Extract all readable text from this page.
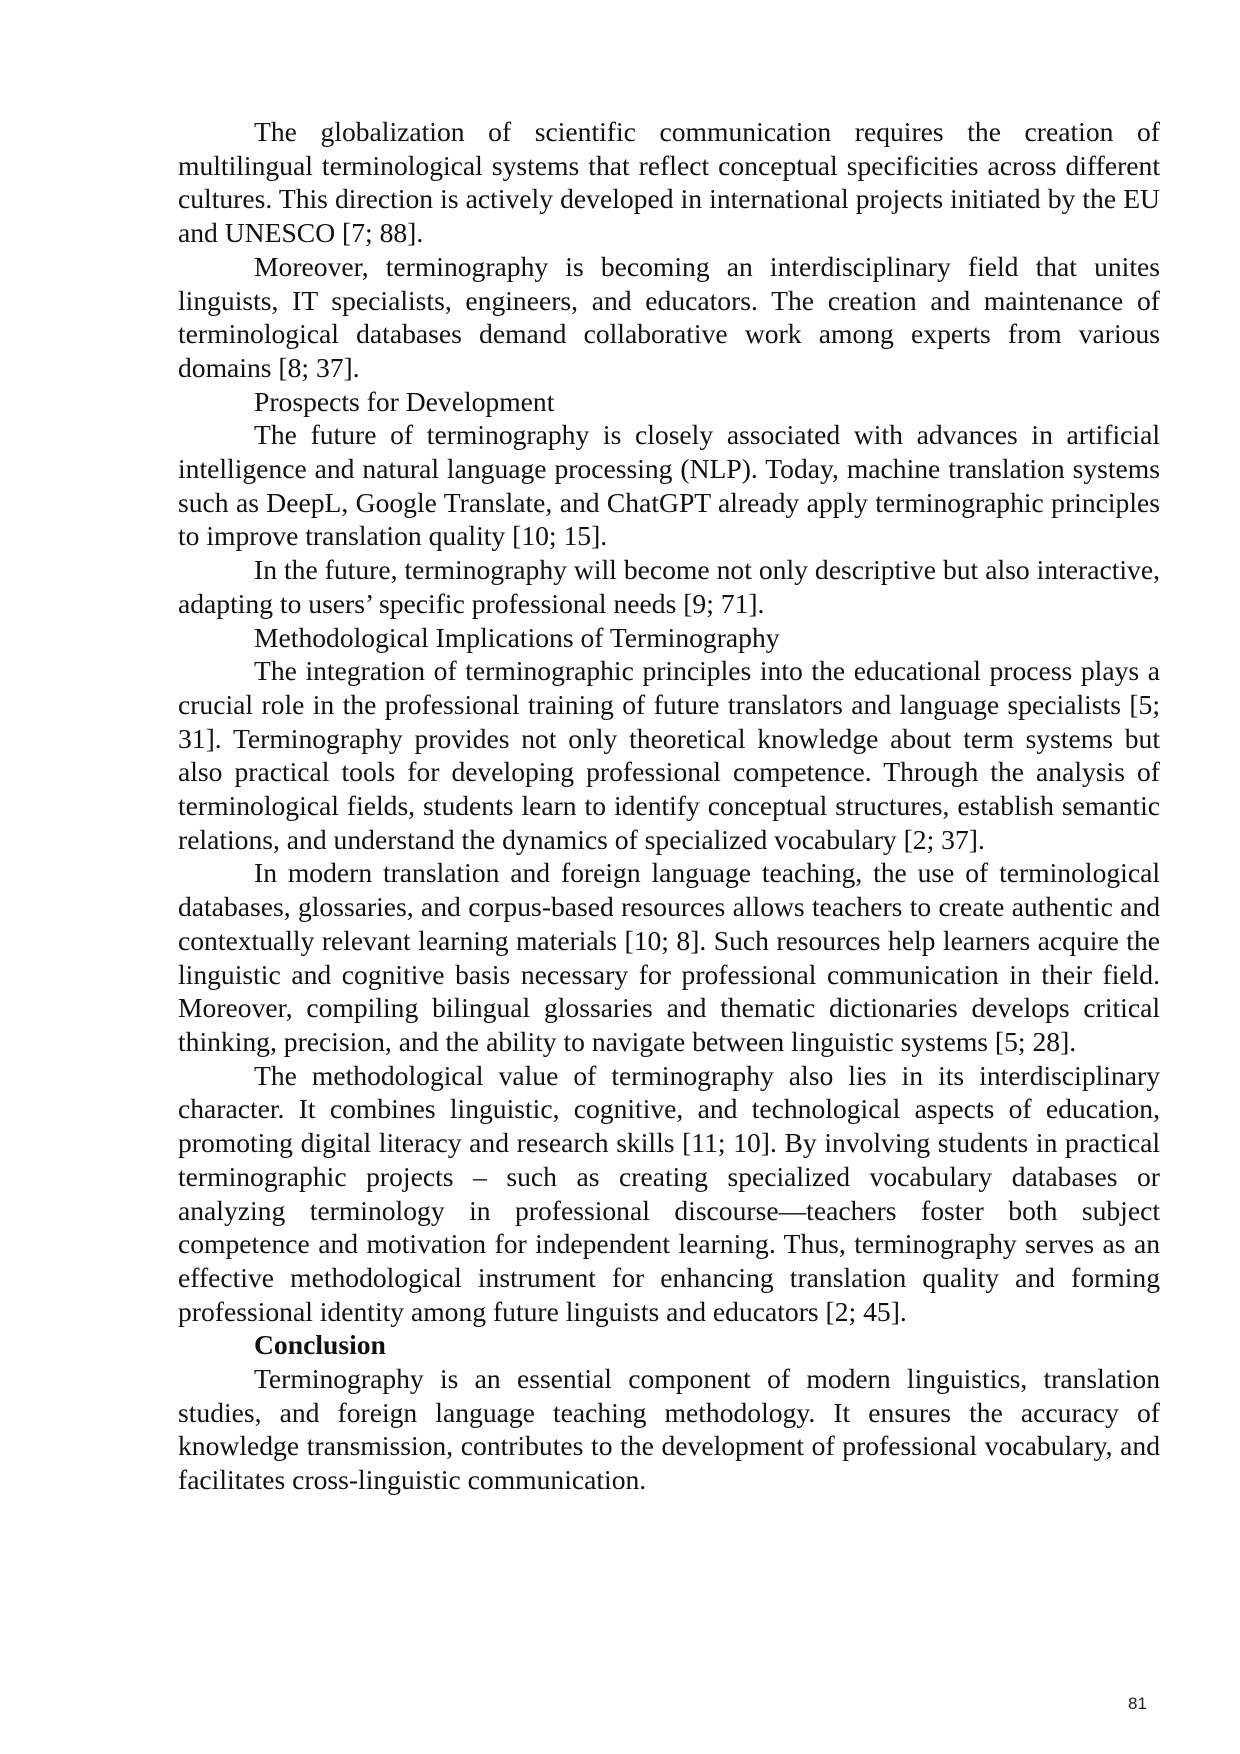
The globalization of scientific communication requires the creation of multilingual terminological systems that reflect conceptual specificities across different cultures. This direction is actively developed in international projects initiated by the EU and UNESCO [7; 88].

Moreover, terminography is becoming an interdisciplinary field that unites linguists, IT specialists, engineers, and educators. The creation and maintenance of terminological databases demand collaborative work among experts from various domains [8; 37].

Prospects for Development

The future of terminography is closely associated with advances in artificial intelligence and natural language processing (NLP). Today, machine translation systems such as DeepL, Google Translate, and ChatGPT already apply terminographic principles to improve translation quality [10; 15].

In the future, terminography will become not only descriptive but also interactive, adapting to users’ specific professional needs [9; 71].

Methodological Implications of Terminography

The integration of terminographic principles into the educational process plays a crucial role in the professional training of future translators and language specialists [5; 31]. Terminography provides not only theoretical knowledge about term systems but also practical tools for developing professional competence. Through the analysis of terminological fields, students learn to identify conceptual structures, establish semantic relations, and understand the dynamics of specialized vocabulary [2; 37].

In modern translation and foreign language teaching, the use of terminological databases, glossaries, and corpus-based resources allows teachers to create authentic and contextually relevant learning materials [10; 8]. Such resources help learners acquire the linguistic and cognitive basis necessary for professional communication in their field. Moreover, compiling bilingual glossaries and thematic dictionaries develops critical thinking, precision, and the ability to navigate between linguistic systems [5; 28].

The methodological value of terminography also lies in its interdisciplinary character. It combines linguistic, cognitive, and technological aspects of education, promoting digital literacy and research skills [11; 10]. By involving students in practical terminographic projects – such as creating specialized vocabulary databases or analyzing terminology in professional discourse—teachers foster both subject competence and motivation for independent learning. Thus, terminography serves as an effective methodological instrument for enhancing translation quality and forming professional identity among future linguists and educators [2; 45].

Conclusion

Terminography is an essential component of modern linguistics, translation studies, and foreign language teaching methodology. It ensures the accuracy of knowledge transmission, contributes to the development of professional vocabulary, and facilitates cross-linguistic communication.

81
